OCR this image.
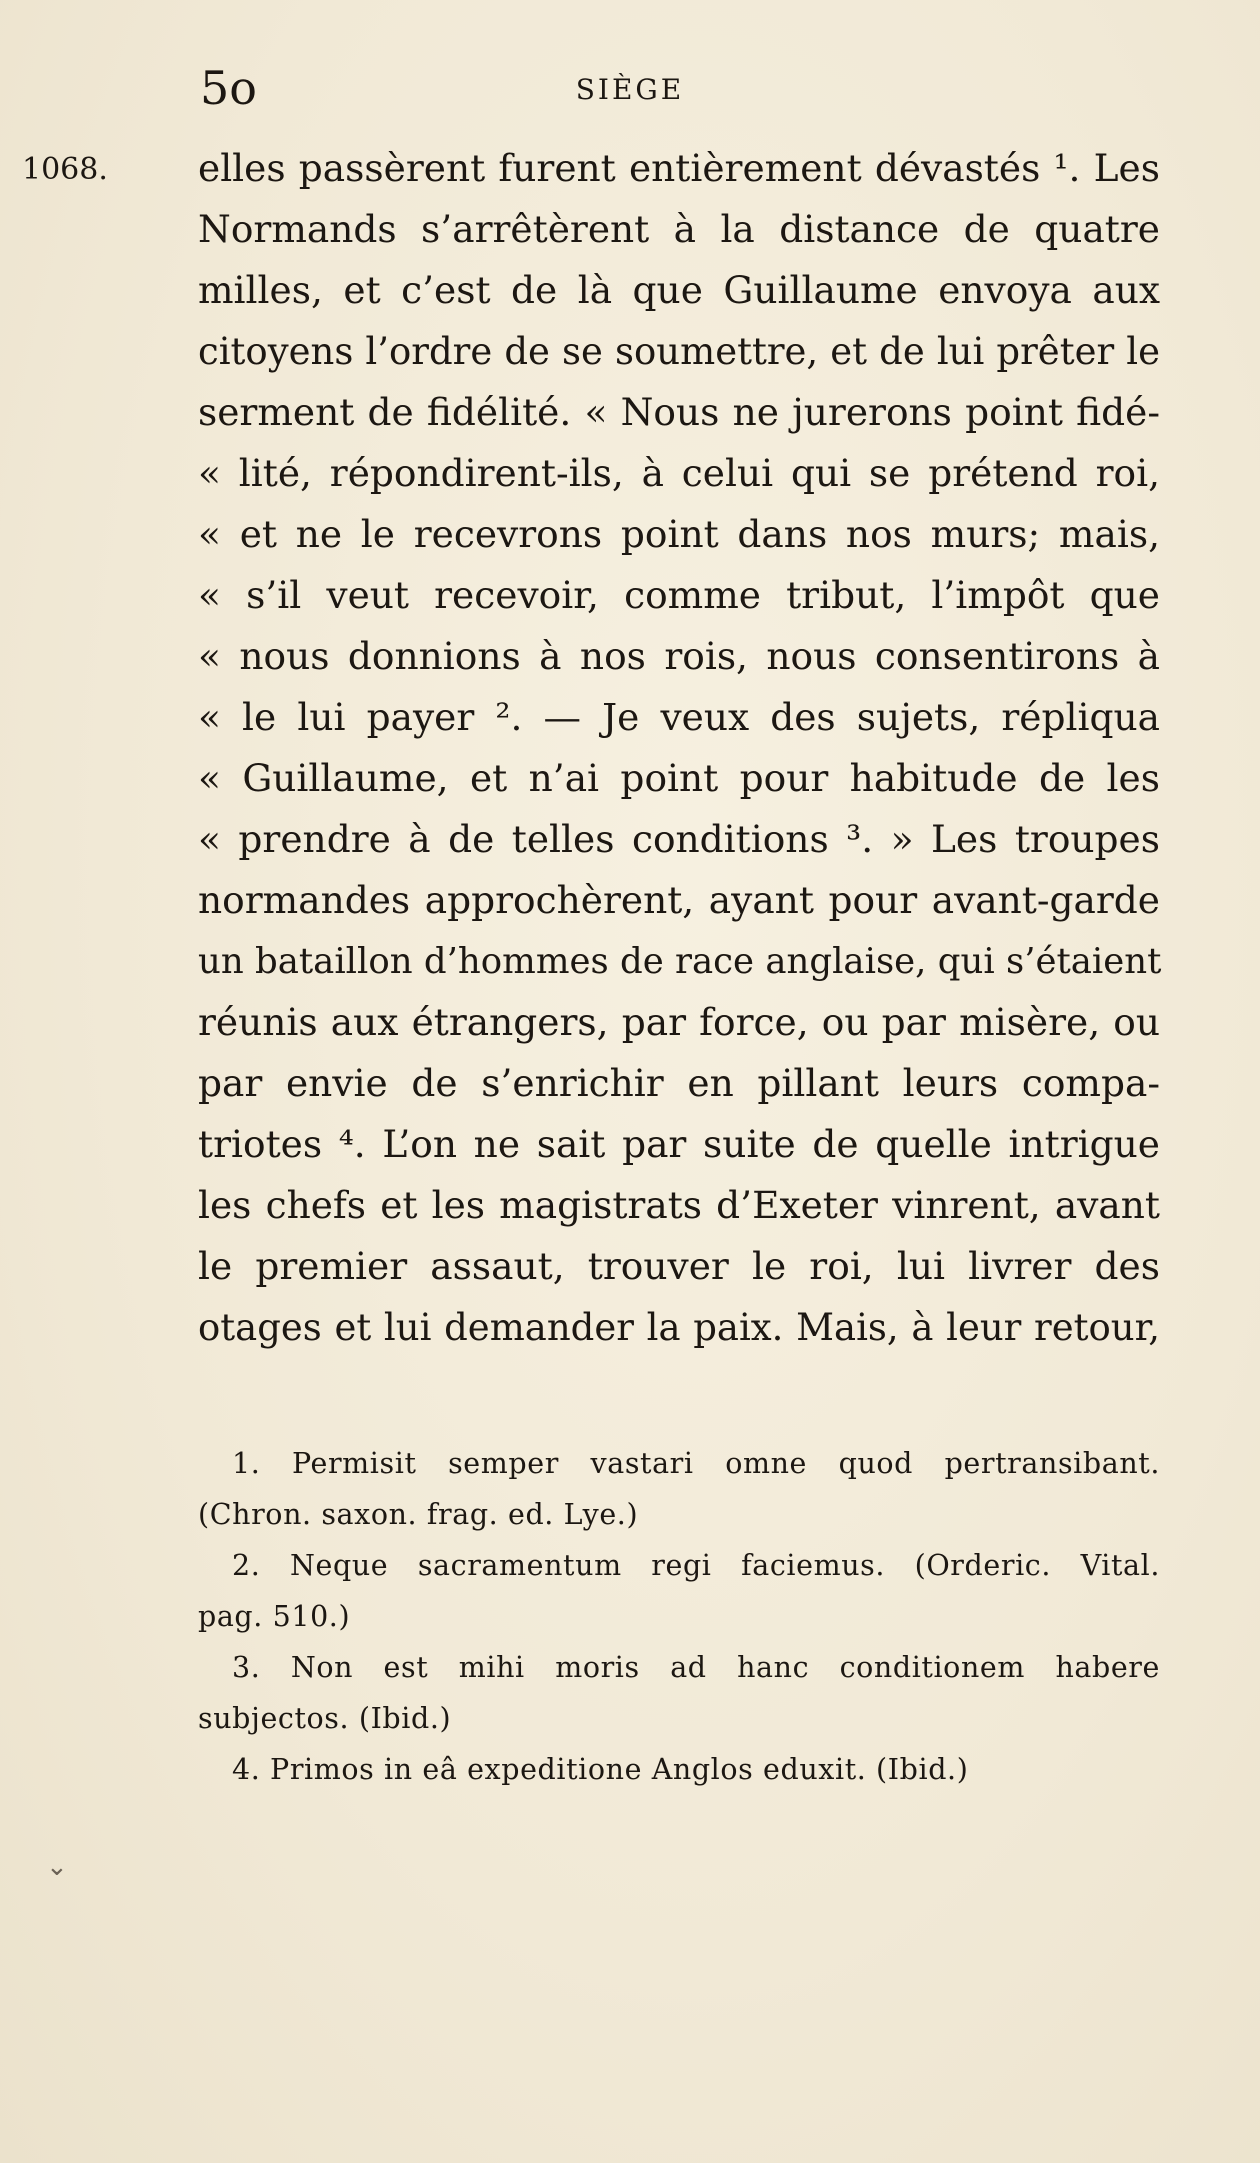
5o	SIÈGE
1068. elles passèrent furent entièrement dévastés ¹. Les
Normands s’arrêtèrent à la distance de quatre
milles, et c’est de là que Guillaume envoya aux
citoyens l’ordre de se soumettre, et de lui prêter le
serment de fidélité. « Nous ne jurerons point fidé-
« lité, répondirent-ils, à celui qui se prétend roi,
« et ne le recevrons point dans nos murs; mais,
« s’il veut recevoir, comme tribut, l’impôt que
« nous donnions à nos rois, nous consentirons à
« le lui payer ². — Je veux des sujets, répliqua
« Guillaume, et n’ai point pour habitude de les
« prendre à de telles conditions ³. » Les troupes
normandes approchèrent, ayant pour avant-garde
un bataillon d’hommes de race anglaise, qui s’étaient
réunis aux étrangers, par force, ou par misère, ou
par envie de s’enrichir en pillant leurs compa-
triotes ⁴. L’on ne sait par suite de quelle intrigue
les chefs et les magistrats d’Exeter vinrent, avant
le premier assaut, trouver le roi, lui livrer des
otages et lui demander la paix. Mais, à leur retour,
1. Permisit semper vastari omne quod pertransibant.
(Chron. saxon. frag. ed. Lye.)
2. Neque sacramentum regi faciemus. (Orderic. Vital.
pag. 510.)
3. Non est mihi moris ad hanc conditionem habere
subjectos. (Ibid.)
4. Primos in eâ expeditione Anglos eduxit. (Ibid.)
⌄
